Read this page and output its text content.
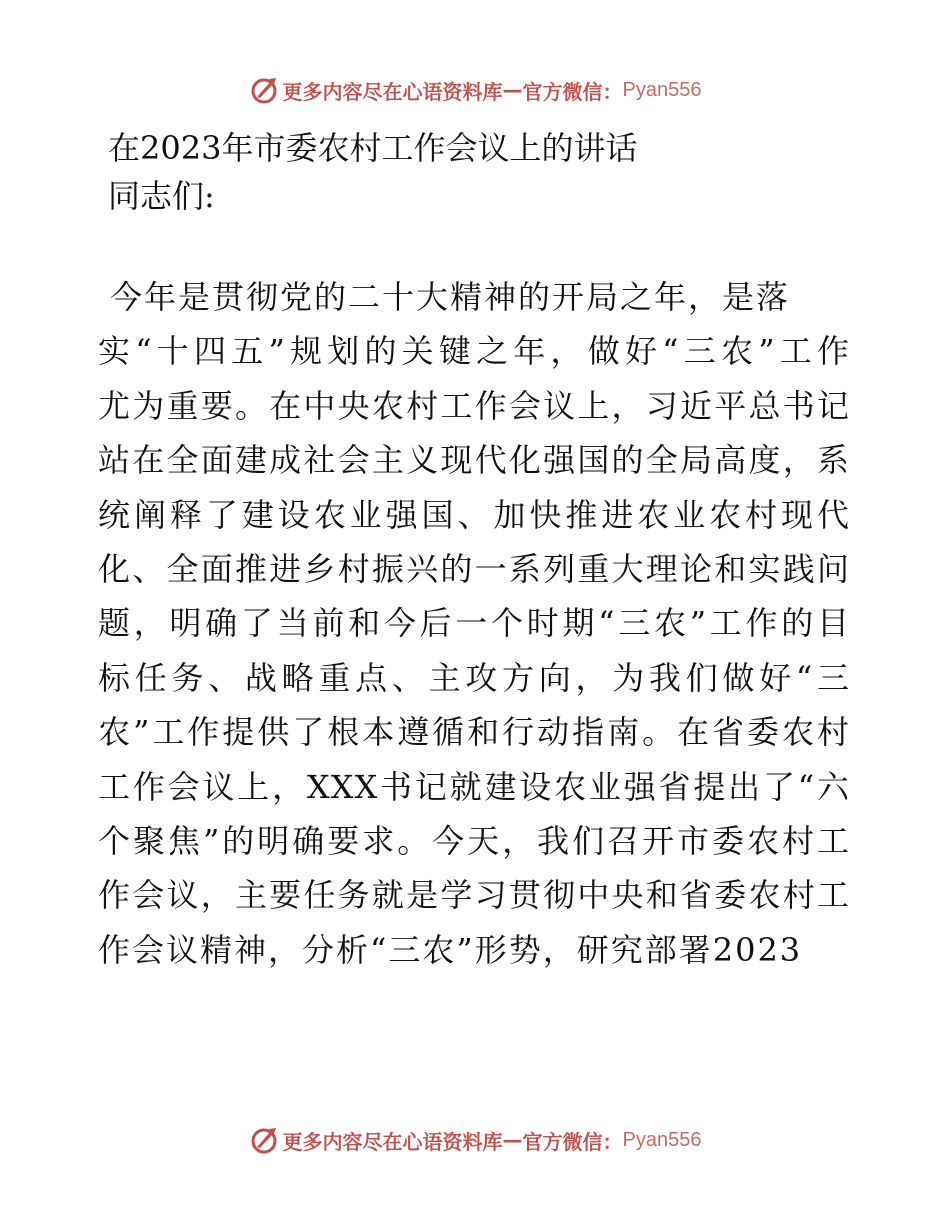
更多内容尽在心语资料库 — 官方微信： Pyan556
在2023年市委农村工作会议上的讲话
同志们:
今年是贯彻党的二十大精神的开局之年，是落
实“十四五”规划的关键之年，做好“三农”工作
尤为重要。在中央农村工作会议上，习近平总书记
站在全面建成社会主义现代化强国的全局高度，系
统阐释了建设农业强国、加快推进农业农村现代
化、全面推进乡村振兴的一系列重大理论和实践问
题，明确了当前和今后一个时期“三农”工作的目
标任务、战略重点、主攻方向，为我们做好“三
农”工作提供了根本遵循和行动指南。在省委农村
工作会议上，XXX书记就建设农业强省提出了“六
个聚焦”的明确要求。今天，我们召开市委农村工
作会议，主要任务就是学习贯彻中央和省委农村工
作会议精神，分析“三农”形势，研究部署2023
更多内容尽在心语资料库 — 官方微信： Pyan556
